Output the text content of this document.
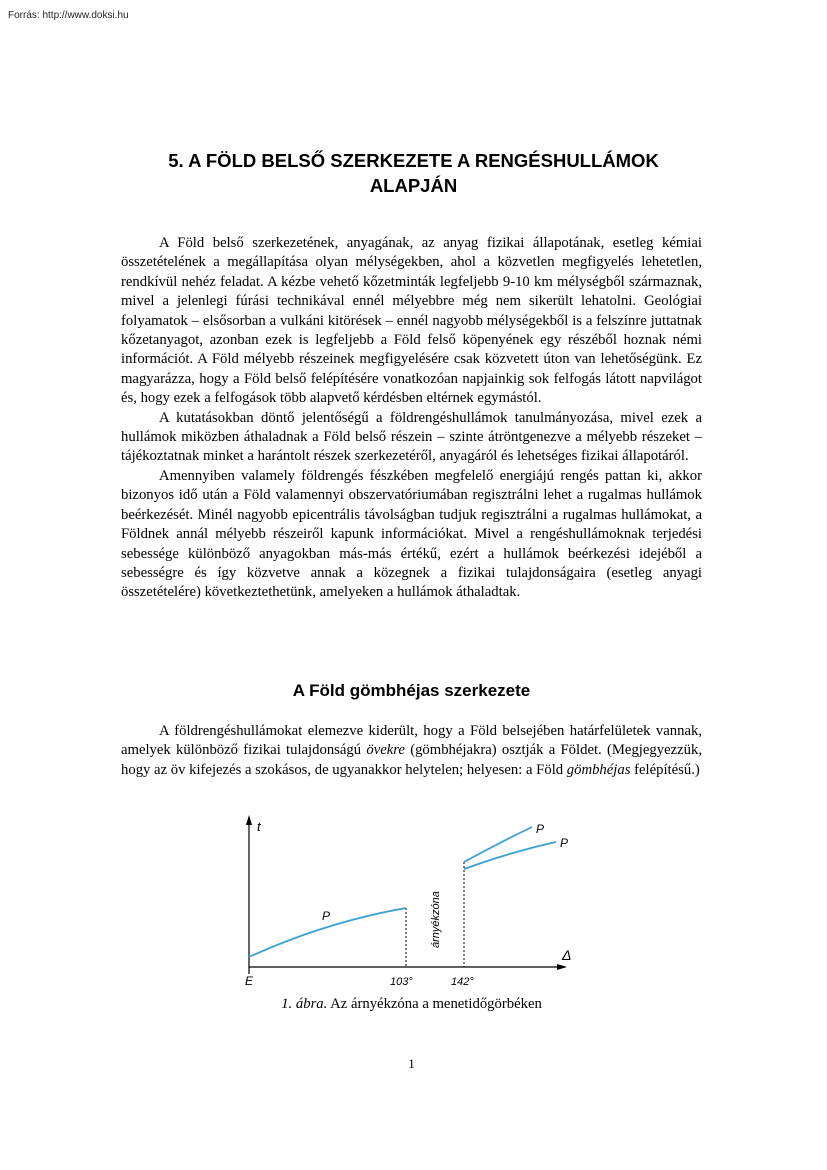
Forrás: http://www.doksi.hu
5. A FÖLD BELSŐ SZERKEZETE A RENGÉSHULLÁMOK
ALAPJÁN

A Föld belső szerkezetének, anyagának, az anyag fizikai állapotának, esetleg kémiai összetételének a megállapítása olyan mélységekben, ahol a közvetlen megfigyelés lehetetlen, rendkívül nehéz feladat. A kézbe vehető kőzetminták legfeljebb 9-10 km mélységből származnak, mivel a jelenlegi fúrási technikával ennél mélyebbre még nem sikerült lehatolni. Geológiai folyamatok – elsősorban a vulkáni kitörések – ennél nagyobb mélységekből is a felszínre juttatnak kőzetanyagot, azonban ezek is legfeljebb a Föld felső köpenyének egy részéből hoznak némi információt. A Föld mélyebb részeinek megfigyelésére csak közvetett úton van lehetőségünk. Ez magyarázza, hogy a Föld belső felépítésére vonatkozóan napjainkig sok felfogás látott napvilágot és, hogy ezek a felfogások több alapvető kérdésben eltérnek egymástól.

A kutatásokban döntő jelentőségű a földrengéshullámok tanulmányozása, mivel ezek a hullámok miközben áthaladnak a Föld belső részein – szinte átröntgenezve a mélyebb részeket – tájékoztatnak minket a harántolt részek szerkezetéről, anyagáról és lehetséges fizikai állapotáról.

Amennyiben valamely földrengés fészkében megfelelő energiájú rengés pattan ki, akkor bizonyos idő után a Föld valamennyi obszervatóriumában regisztrálni lehet a rugalmas hullámok beérkezését. Minél nagyobb epicentrális távolságban tudjuk regisztrálni a rugalmas hullámokat, a Földnek annál mélyebb részeiről kapunk információkat. Mivel a rengéshullámoknak terjedési sebessége különböző anyagokban más-más értékű, ezért a hullámok beérkezési idejéből a sebességre és így közvetve annak a közegnek a fizikai tulajdonságaira (esetleg anyagi összetételére) következtethetünk, amelyeken a hullámok áthaladtak.

A Föld gömbhéjas szerkezete

A földrengéshullámokat elemezve kiderült, hogy a Föld belsejében határfelületek vannak, amelyek különböző fizikai tulajdonságú övekre (gömbhéjakra) osztják a Földet. (Megjegyezzük, hogy az öv kifejezés a szokásos, de ugyanakkor helytelen; helyesen: a Föld gömbhéjas felépítésű.)

t
Δ
E	103°	142°
árnyékzóna
P
P
P
1. ábra. Az árnyékzóna a menetidőgörbéken
1
